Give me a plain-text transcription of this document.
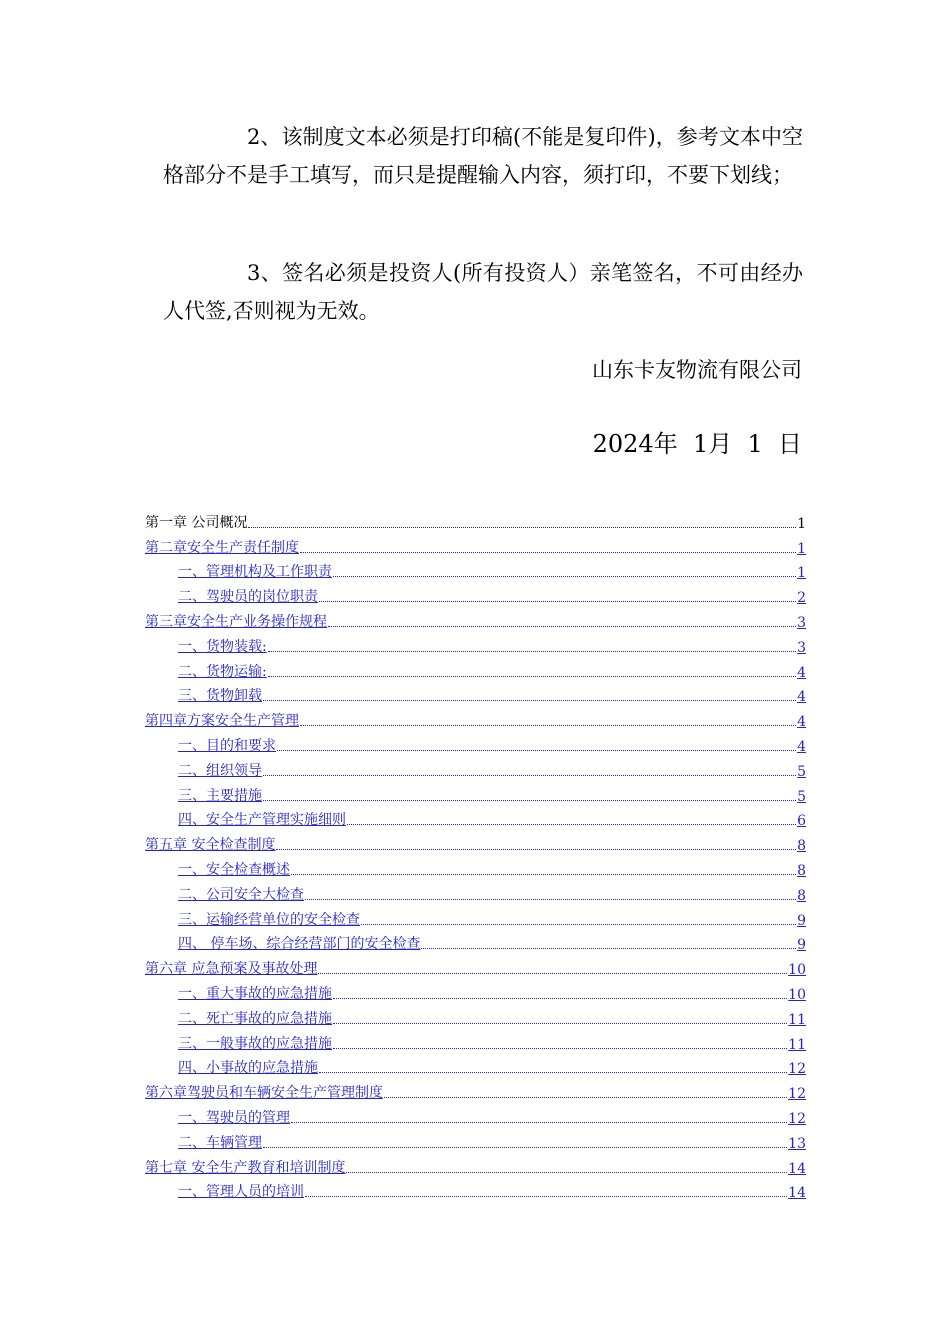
2、该制度文本必须是打印稿(不能是复印件)，参考文本中空格部分不是手工填写，而只是提醒输入内容，须打印，不要下划线；
3、签名必须是投资人(所有投资人）亲笔签名，不可由经办人代签,否则视为无效。
山东卡友物流有限公司
2024年  1月  1  日
第一章 公司概况	1
第二章安全生产责任制度	1
一、管理机构及工作职责	1
二、驾驶员的岗位职责	2
第三章安全生产业务操作规程	3
一、货物装载:	3
二、货物运输:	4
三、货物卸载	4
第四章方案安全生产管理	4
一、目的和要求	4
二、组织领导	5
三、主要措施	5
四、安全生产管理实施细则	6
第五章 安全检查制度	8
一、安全检查概述	8
二、公司安全大检查	8
三、运输经营单位的安全检查	9
四、 停车场、综合经营部门的安全检查	9
第六章 应急预案及事故处理	10
一、重大事故的应急措施	10
二、死亡事故的应急措施	11
三、一般事故的应急措施	11
四、小事故的应急措施	12
第六章驾驶员和车辆安全生产管理制度	12
一、驾驶员的管理	12
二、车辆管理	13
第七章 安全生产教育和培训制度	14
一、管理人员的培训	14
